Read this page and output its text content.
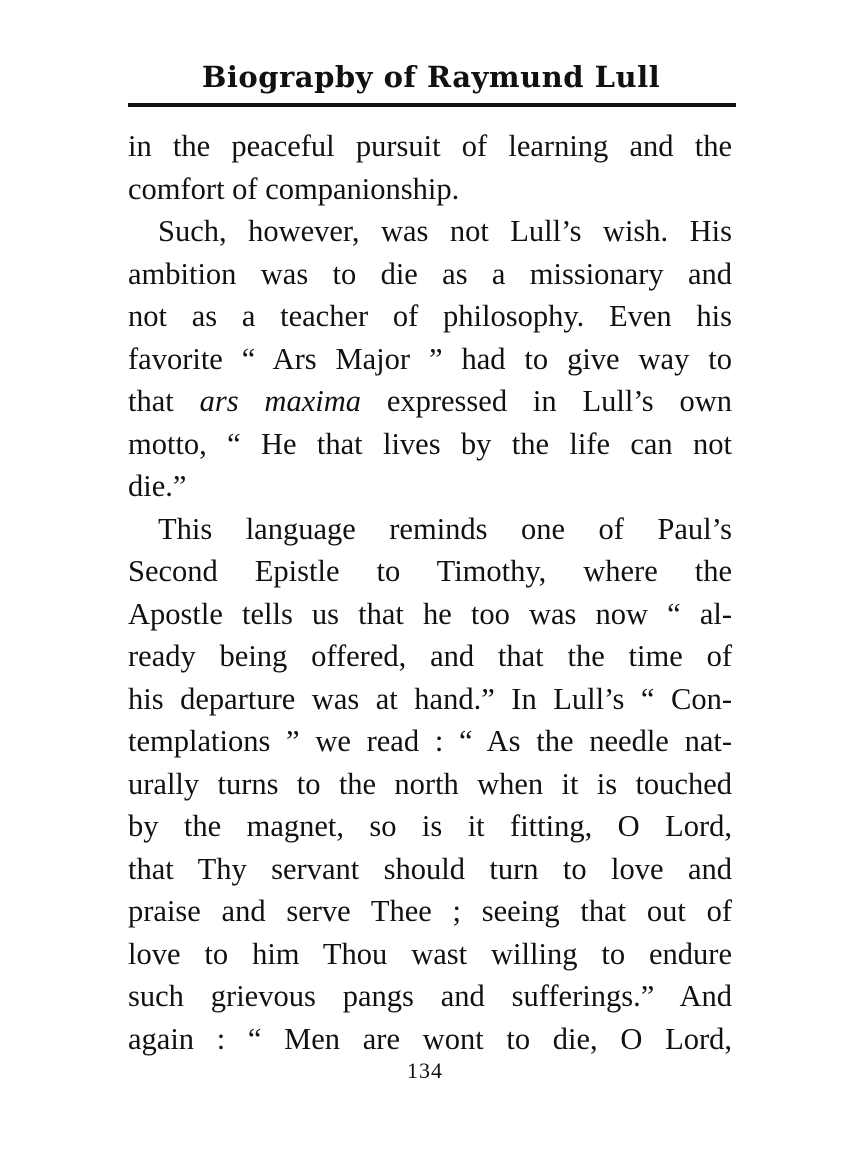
Biograpby of Raymund Lull
in the peaceful pursuit of learning and the
comfort of companionship.
Such, however, was not Lull’s wish. His
ambition was to die as a missionary and
not as a teacher of philosophy. Even his
favorite “ Ars Major ” had to give way to
that ars maxima expressed in Lull’s own
motto, “ He that lives by the life can not
die.”
This language reminds one of Paul’s
Second Epistle to Timothy, where the
Apostle tells us that he too was now “ al-
ready being offered, and that the time of
his departure was at hand.” In Lull’s “ Con-
templations ” we read : “ As the needle nat-
urally turns to the north when it is touched
by the magnet, so is it fitting, O Lord,
that Thy servant should turn to love and
praise and serve Thee ; seeing that out of
love to him Thou wast willing to endure
such grievous pangs and sufferings.” And
again : “ Men are wont to die, O Lord,
134
